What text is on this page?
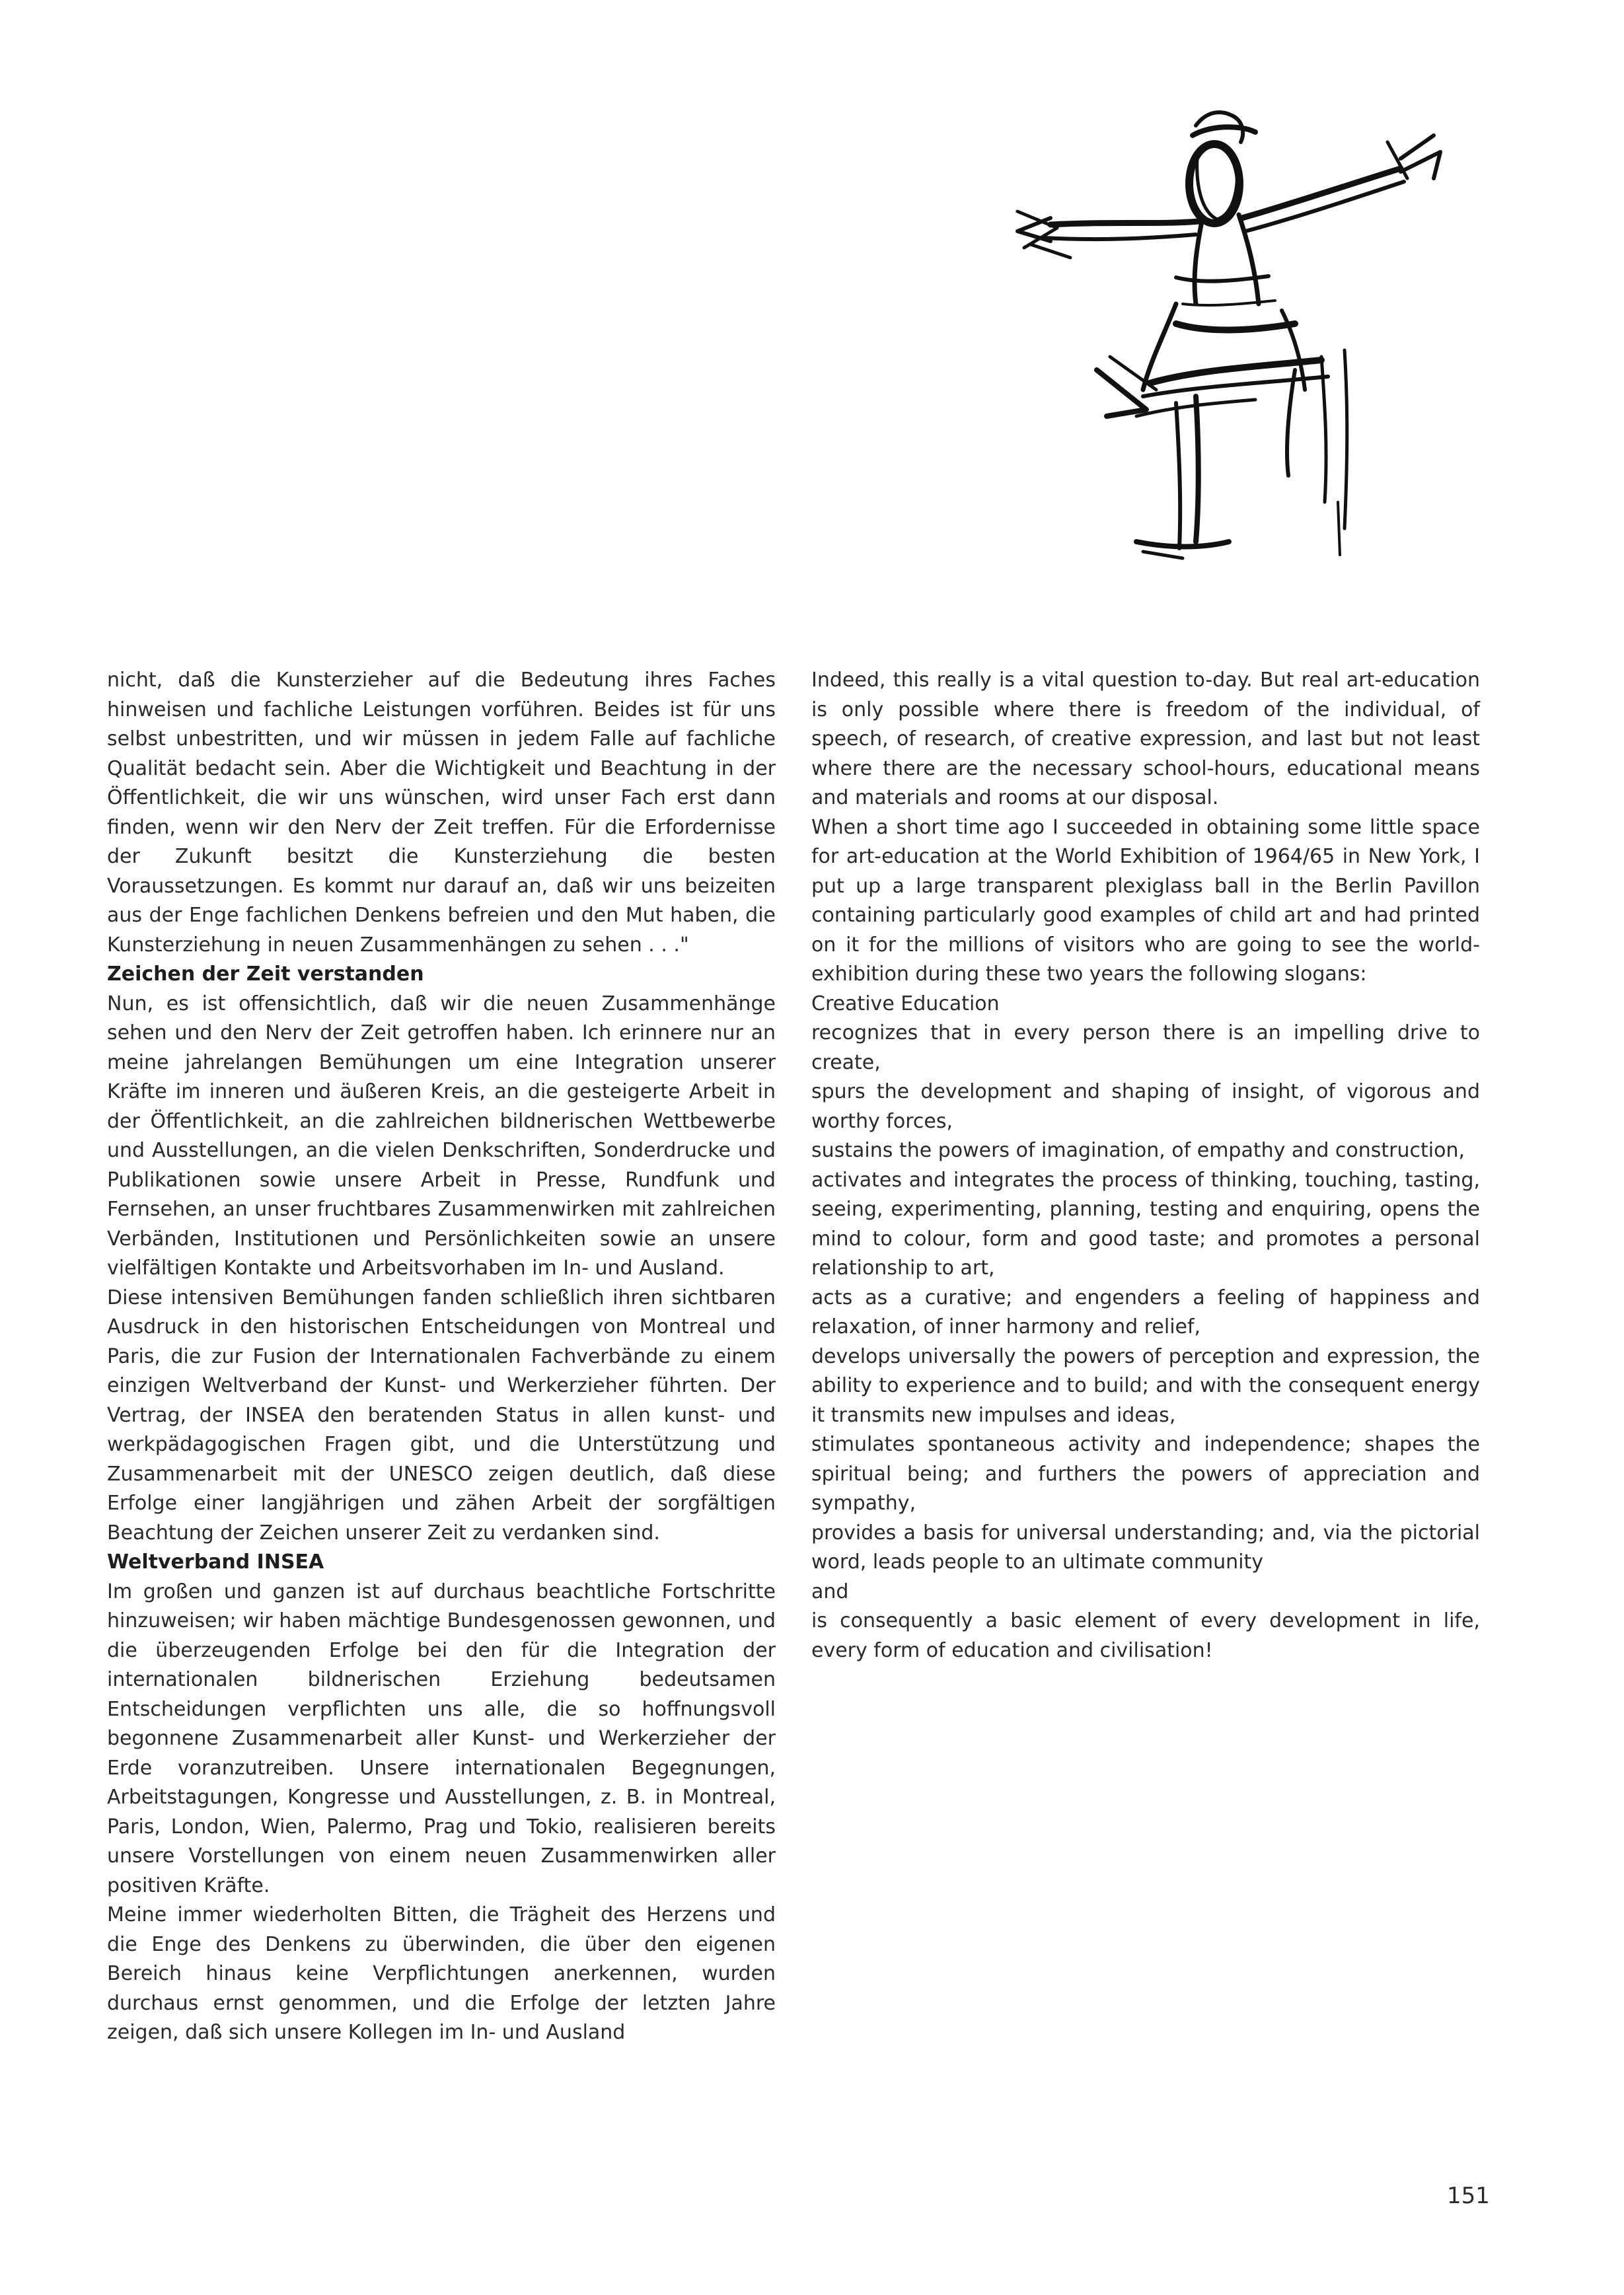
nicht, daß die Kunsterzieher auf die Bedeutung ihres Faches hinweisen und fachliche Leistungen vorführen. Beides ist für uns selbst unbestritten, und wir müssen in jedem Falle auf fachliche Qualität bedacht sein. Aber die Wichtigkeit und Beachtung in der Öffentlichkeit, die wir uns wünschen, wird unser Fach erst dann finden, wenn wir den Nerv der Zeit treffen. Für die Erfordernisse der Zukunft besitzt die Kunsterziehung die besten Voraussetzungen. Es kommt nur darauf an, daß wir uns beizeiten aus der Enge fachlichen Denkens befreien und den Mut haben, die Kunsterziehung in neuen Zusammenhängen zu sehen . . ."

Zeichen der Zeit verstanden

Nun, es ist offensichtlich, daß wir die neuen Zusammenhänge sehen und den Nerv der Zeit getroffen haben. Ich erinnere nur an meine jahrelangen Bemühungen um eine Integration unserer Kräfte im inneren und äußeren Kreis, an die gesteigerte Arbeit in der Öffentlichkeit, an die zahlreichen bildnerischen Wettbewerbe und Ausstellungen, an die vielen Denkschriften, Sonderdrucke und Publikationen sowie unsere Arbeit in Presse, Rundfunk und Fernsehen, an unser fruchtbares Zusammenwirken mit zahlreichen Verbänden, Institutionen und Persönlichkeiten sowie an unsere vielfältigen Kontakte und Arbeitsvorhaben im In- und Ausland.

Diese intensiven Bemühungen fanden schließlich ihren sichtbaren Ausdruck in den historischen Entscheidungen von Montreal und Paris, die zur Fusion der Internationalen Fachverbände zu einem einzigen Weltverband der Kunst- und Werkerzieher führten. Der Vertrag, der INSEA den beratenden Status in allen kunst- und werkpädagogischen Fragen gibt, und die Unterstützung und Zusammenarbeit mit der UNESCO zeigen deutlich, daß diese Erfolge einer langjährigen und zähen Arbeit der sorgfältigen Beachtung der Zeichen unserer Zeit zu verdanken sind.

Weltverband INSEA

Im großen und ganzen ist auf durchaus beachtliche Fortschritte hinzuweisen; wir haben mächtige Bundesgenossen gewonnen, und die überzeugenden Erfolge bei den für die Integration der internationalen bildnerischen Erziehung bedeutsamen Entscheidungen verpflichten uns alle, die so hoffnungsvoll begonnene Zusammenarbeit aller Kunst- und Werkerzieher der Erde voranzutreiben. Unsere internationalen Begegnungen, Arbeitstagungen, Kongresse und Ausstellungen, z. B. in Montreal, Paris, London, Wien, Palermo, Prag und Tokio, realisieren bereits unsere Vorstellungen von einem neuen Zusammenwirken aller positiven Kräfte.

Meine immer wiederholten Bitten, die Trägheit des Herzens und die Enge des Denkens zu überwinden, die über den eigenen Bereich hinaus keine Verpflichtungen anerkennen, wurden durchaus ernst genommen, und die Erfolge der letzten Jahre zeigen, daß sich unsere Kollegen im In- und Ausland

Indeed, this really is a vital question to-day. But real art-education is only possible where there is freedom of the individual, of speech, of research, of creative expression, and last but not least where there are the necessary school-hours, educational means and materials and rooms at our disposal.

When a short time ago I succeeded in obtaining some little space for art-education at the World Exhibition of 1964/65 in New York, I put up a large transparent plexiglass ball in the Berlin Pavillon containing particularly good examples of child art and had printed on it for the millions of visitors who are going to see the world-exhibition during these two years the following slogans:

Creative Education

recognizes that in every person there is an impelling drive to create,

spurs the development and shaping of insight, of vigorous and worthy forces,

sustains the powers of imagination, of empathy and construction,

activates and integrates the process of thinking, touching, tasting, seeing, experimenting, planning, testing and enquiring, opens the mind to colour, form and good taste; and promotes a personal relationship to art,

acts as a curative; and engenders a feeling of happiness and relaxation, of inner harmony and relief,

develops universally the powers of perception and expression, the ability to experience and to build; and with the consequent energy it transmits new impulses and ideas,

stimulates spontaneous activity and independence; shapes the spiritual being; and furthers the powers of appreciation and sympathy,

provides a basis for universal understanding; and, via the pictorial word, leads people to an ultimate community

and

is consequently a basic element of every development in life, every form of education and civilisation!

151
